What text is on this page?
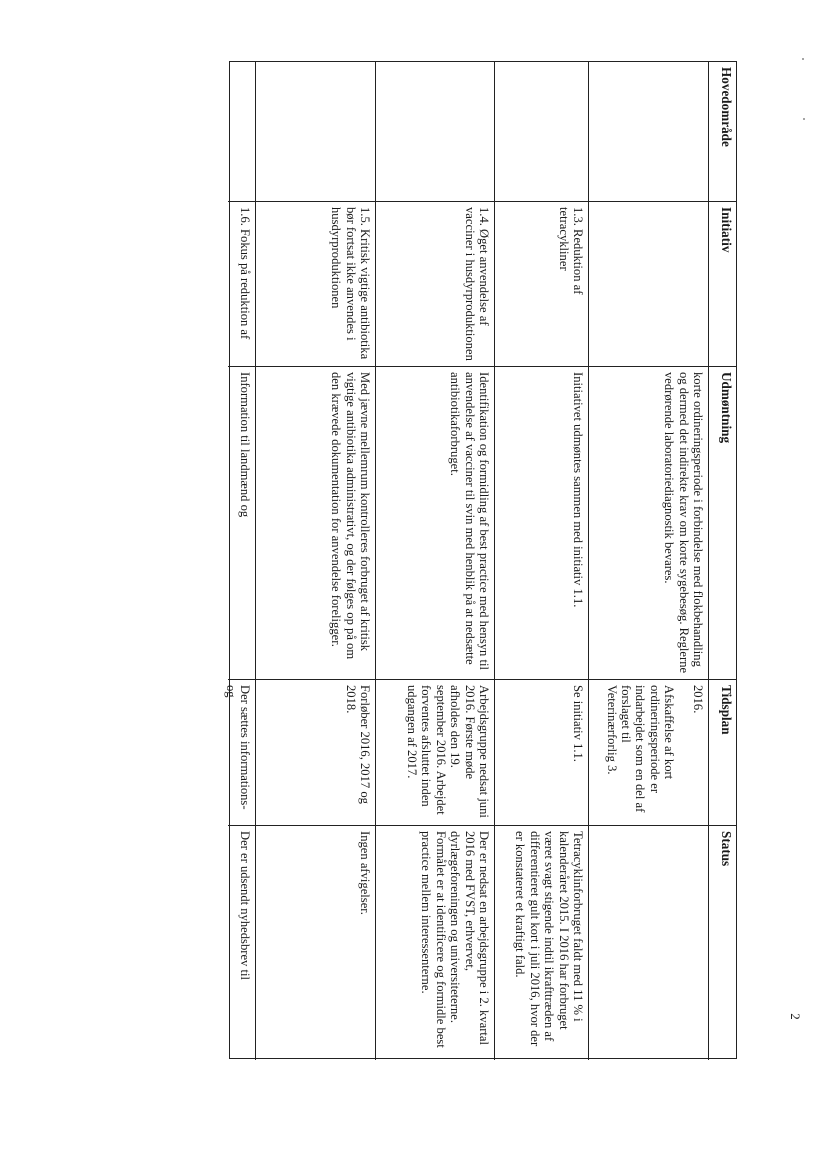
Hovedområde
Initiativ
Udmøntning
Tidsplan
Status
korte ordineringsperiode i forbindelse med flokbehandling og dermed det indirekte krav om korte sygebesøg. Reglerne vedrørende laboratoriediagnostik bevares.
2016.

Afskaffelse af kort ordineringsperiode er indarbejdet som en del af forslaget til Veterinærforlig 3.
1.3. Reduktion af tetracykliner
Initiativet udmøntes sammen med initiativ 1.1.
Se initiativ 1.1.
Tetracyklinforbruget faldt med 11 % i kalenderåret 2015. I 2016 har forbruget været svagt stigende indtil ikrafttræden af differentieret gult kort i juli 2016, hvor der er konstateret et kraftigt fald.
1.4. Øget anvendelse af vacciner i husdyrproduktionen
Identifikation og formidling af best practice med hensyn til anvendelse af vacciner til svin med henblik på at nedsætte antibiotikaforbruget.
Arbejdsgruppe nedsat juni 2016. Første møde afholdes den 19. september 2016. Arbejdet forventes afsluttet inden udgangen af 2017.
Der er nedsat en arbejdsgruppe i 2. kvartal 2016 med FVST, erhvervet, dyrlægeforeningen og universiteterne. Formålet er at identificere og formidle best practice mellem interessenterne.
1.5. Kritisk vigtige antibiotika bør fortsat ikke anvendes i husdyrproduktionen
Med jævne mellemrum kontrolleres forbruget af kritisk vigtige antibiotika administrativt, og der følges op på om den krævede dokumentation for anvendelse foreligger.
Forløber 2016, 2017 og 2018.
Ingen afvigelser.
1.6. Fokus på reduktion af
Information til landmænd og
Der sættes informations- og
Der er udsendt nyhedsbrev til
2
